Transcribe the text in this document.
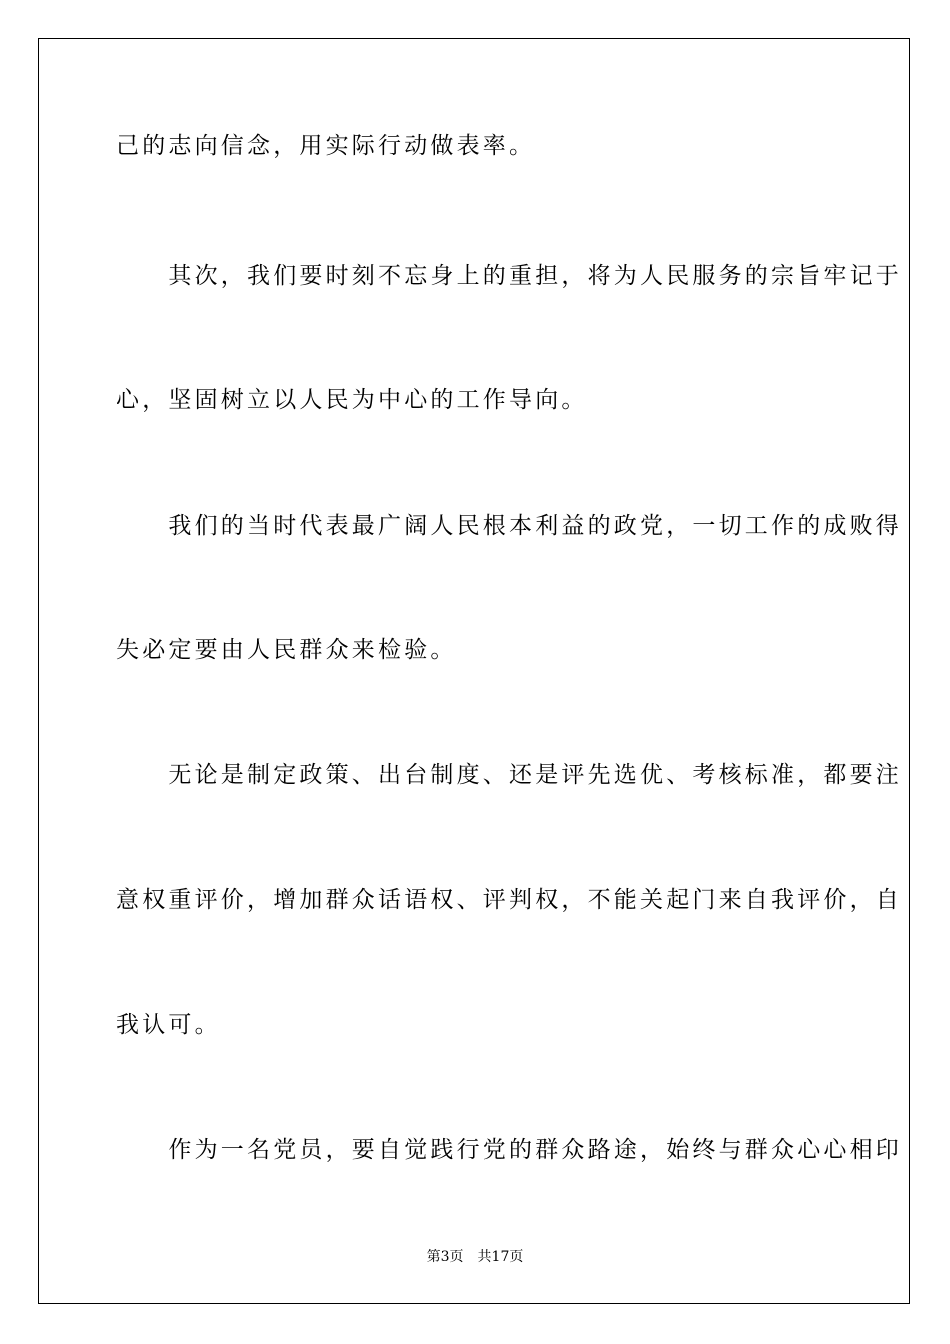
己的志向信念，用实际行动做表率。
　　其次，我们要时刻不忘身上的重担，将为人民服务的宗旨牢记于
心，坚固树立以人民为中心的工作导向。
　　我们的当时代表最广阔人民根本利益的政党，一切工作的成败得
失必定要由人民群众来检验。
　　无论是制定政策、出台制度、还是评先选优、考核标准，都要注
意权重评价，增加群众话语权、评判权，不能关起门来自我评价，自
我认可。
　　作为一名党员，要自觉践行党的群众路途，始终与群众心心相印
第3页 共17页
